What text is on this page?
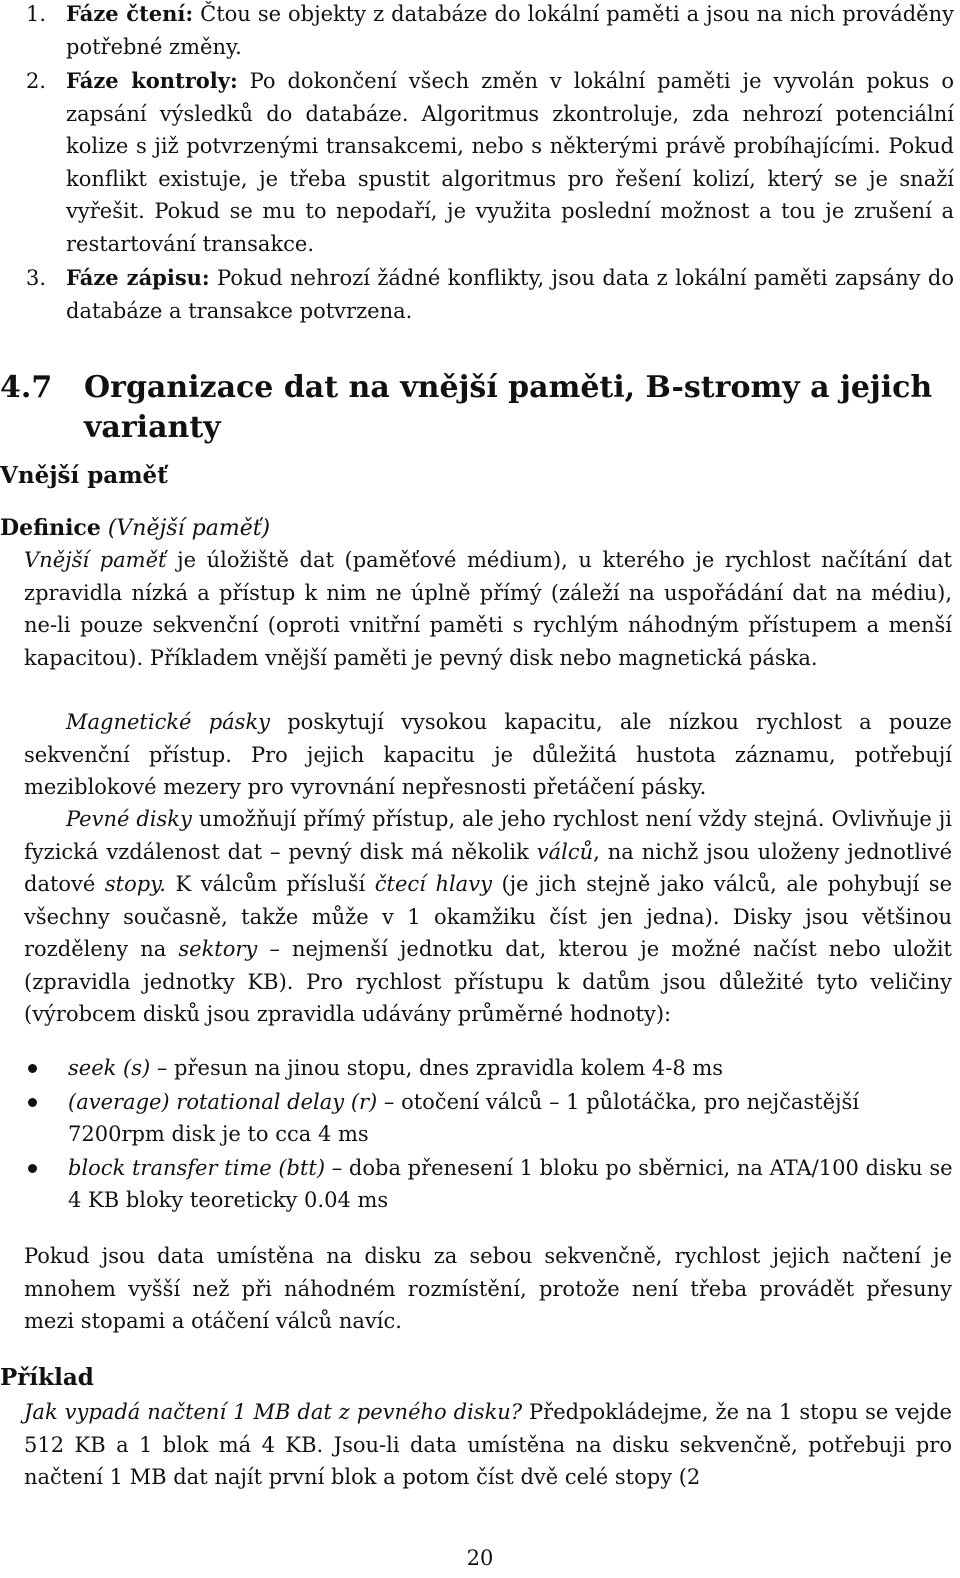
1. Fáze čtení: Čtou se objekty z databáze do lokální paměti a jsou na nich prováděny potřebné změny.
2. Fáze kontroly: Po dokončení všech změn v lokální paměti je vyvolán pokus o zapsání výsledků do databáze. Algoritmus zkontroluje, zda nehrozí potenciální kolize s již potvrzenými transakcemi, nebo s některými právě probíhajícími. Pokud konflikt existuje, je třeba spustit algoritmus pro řešení kolizí, který se je snaží vyřešit. Pokud se mu to nepodaří, je využita poslední možnost a tou je zrušení a restartování transakce.
3. Fáze zápisu: Pokud nehrozí žádné konflikty, jsou data z lokální paměti zapsány do databáze a transakce potvrzena.
4.7	Organizace dat na vnější paměti, B-stromy a jejich varianty
Vnější paměť
Definice (Vnější paměť)

Vnější paměť je úložiště dat (paměťové médium), u kterého je rychlost načítání dat zpravidla nízká a přístup k nim ne úplně přímý (záleží na uspořádání dat na médiu), ne-li pouze sekvenční (oproti vnitřní paměti s rychlým náhodným přístupem a menší kapacitou). Příkladem vnější paměti je pevný disk nebo magnetická páska.

Magnetické pásky poskytují vysokou kapacitu, ale nízkou rychlost a pouze sekvenční přístup. Pro jejich kapacitu je důležitá hustota záznamu, potřebují meziblokové mezery pro vyrovnání nepřesnosti přetáčení pásky.

Pevné disky umožňují přímý přístup, ale jeho rychlost není vždy stejná. Ovlivňuje ji fyzická vzdálenost dat – pevný disk má několik válců, na nichž jsou uloženy jednotlivé datové stopy. K válcům přísluší čtecí hlavy (je jich stejně jako válců, ale pohybují se všechny současně, takže může v 1 okamžiku číst jen jedna). Disky jsou většinou rozděleny na sektory – nejmenší jednotku dat, kterou je možné načíst nebo uložit (zpravidla jednotky KB). Pro rychlost přístupu k datům jsou důležité tyto veličiny (výrobcem disků jsou zpravidla udávány průměrné hodnoty):

seek (s) – přesun na jinou stopu, dnes zpravidla kolem 4-8 ms
(average) rotational delay (r) – otočení válců – 1 půlotáčka, pro nejčastější 7200rpm disk je to cca 4 ms
block transfer time (btt) – doba přenesení 1 bloku po sběrnici, na ATA/100 disku se 4 KB bloky teoreticky 0.04 ms

Pokud jsou data umístěna na disku za sebou sekvenčně, rychlost jejich načtení je mnohem vyšší než při náhodném rozmístění, protože není třeba provádět přesuny mezi stopami a otáčení válců navíc.

Příklad

Jak vypadá načtení 1 MB dat z pevného disku? Předpokládejme, že na 1 stopu se vejde 512 KB a 1 blok má 4 KB. Jsou-li data umístěna na disku sekvenčně, potřebuji pro načtení 1 MB dat najít první blok a potom číst dvě celé stopy (2

20
